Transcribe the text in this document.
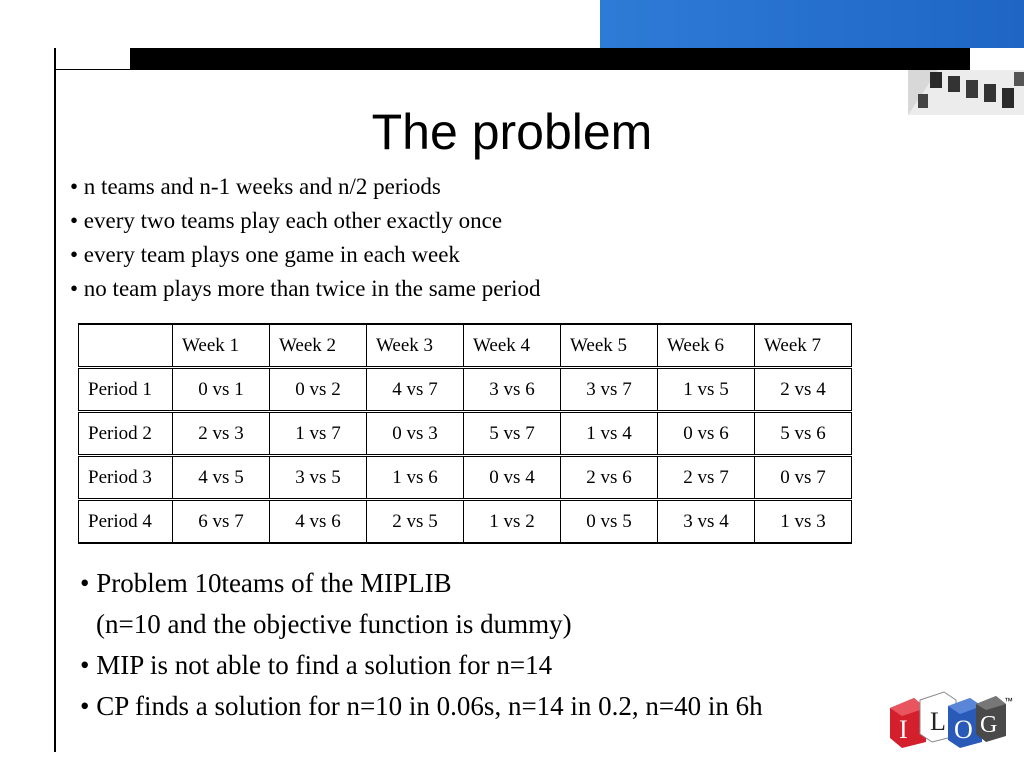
The problem
• n teams and n-1 weeks and n/2 periods
• every two teams play each other exactly once
• every team plays one game in each week
• no team plays more than twice in the same period
	Week 1	Week 2	Week 3	Week 4	Week 5	Week 6	Week 7
Period 1	0 vs 1	0 vs 2	4 vs 7	3 vs 6	3 vs 7	1 vs 5	2 vs 4
Period 2	2 vs 3	1 vs 7	0 vs 3	5 vs 7	1 vs 4	0 vs 6	5 vs 6
Period 3	4 vs 5	3 vs 5	1 vs 6	0 vs 4	2 vs 6	2 vs 7	0 vs 7
Period 4	6 vs 7	4 vs 6	2 vs 5	1 vs 2	0 vs 5	3 vs 4	1 vs 3
• Problem 10teams of the MIPLIB
(n=10 and the objective function is dummy)
• MIP is not able to find a solution for n=14
• CP finds a solution for n=10 in 0.06s, n=14 in 0.2, n=40 in 6h
I L O G
™
